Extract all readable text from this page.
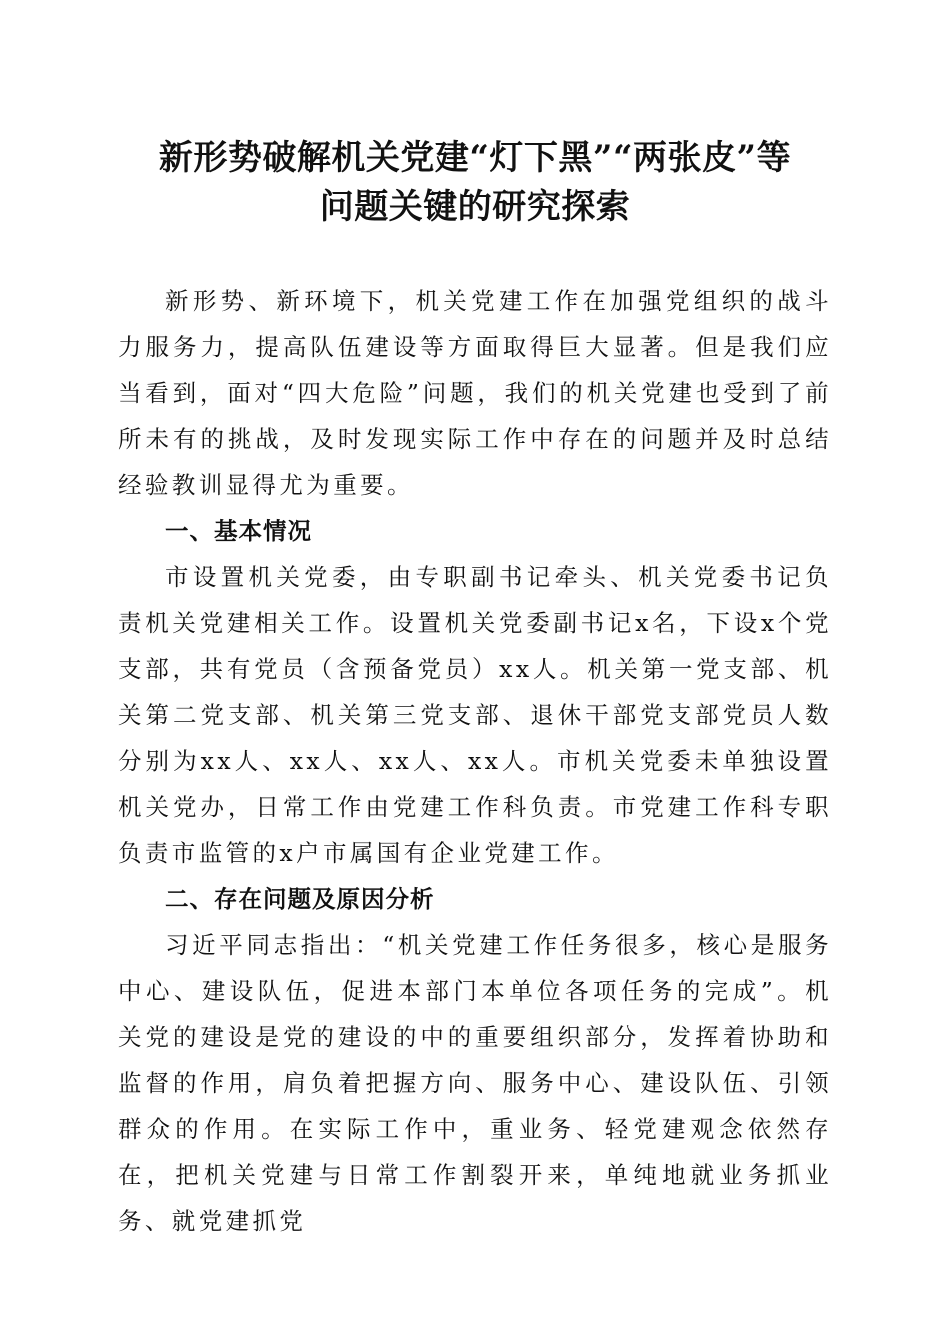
新形势破解机关党建“灯下黑”“两张皮”等
问题关键的研究探索

新形势、新环境下，机关党建工作在加强党组织的战斗力服务力，提高队伍建设等方面取得巨大显著。但是我们应当看到，面对“四大危险”问题，我们的机关党建也受到了前所未有的挑战，及时发现实际工作中存在的问题并及时总结经验教训显得尤为重要。

一、基本情况

市设置机关党委，由专职副书记牵头、机关党委书记负责机关党建相关工作。设置机关党委副书记x名，下设x个党支部，共有党员（含预备党员）xx人。机关第一党支部、机关第二党支部、机关第三党支部、退休干部党支部党员人数分别为xx人、xx人、xx人、xx人。市机关党委未单独设置机关党办，日常工作由党建工作科负责。市党建工作科专职负责市监管的x户市属国有企业党建工作。

二、存在问题及原因分析

习近平同志指出：“机关党建工作任务很多，核心是服务中心、建设队伍，促进本部门本单位各项任务的完成”。机关党的建设是党的建设的中的重要组织部分，发挥着协助和监督的作用，肩负着把握方向、服务中心、建设队伍、引领群众的作用。在实际工作中，重业务、轻党建观念依然存在，把机关党建与日常工作割裂开来，单纯地就业务抓业务、就党建抓党
